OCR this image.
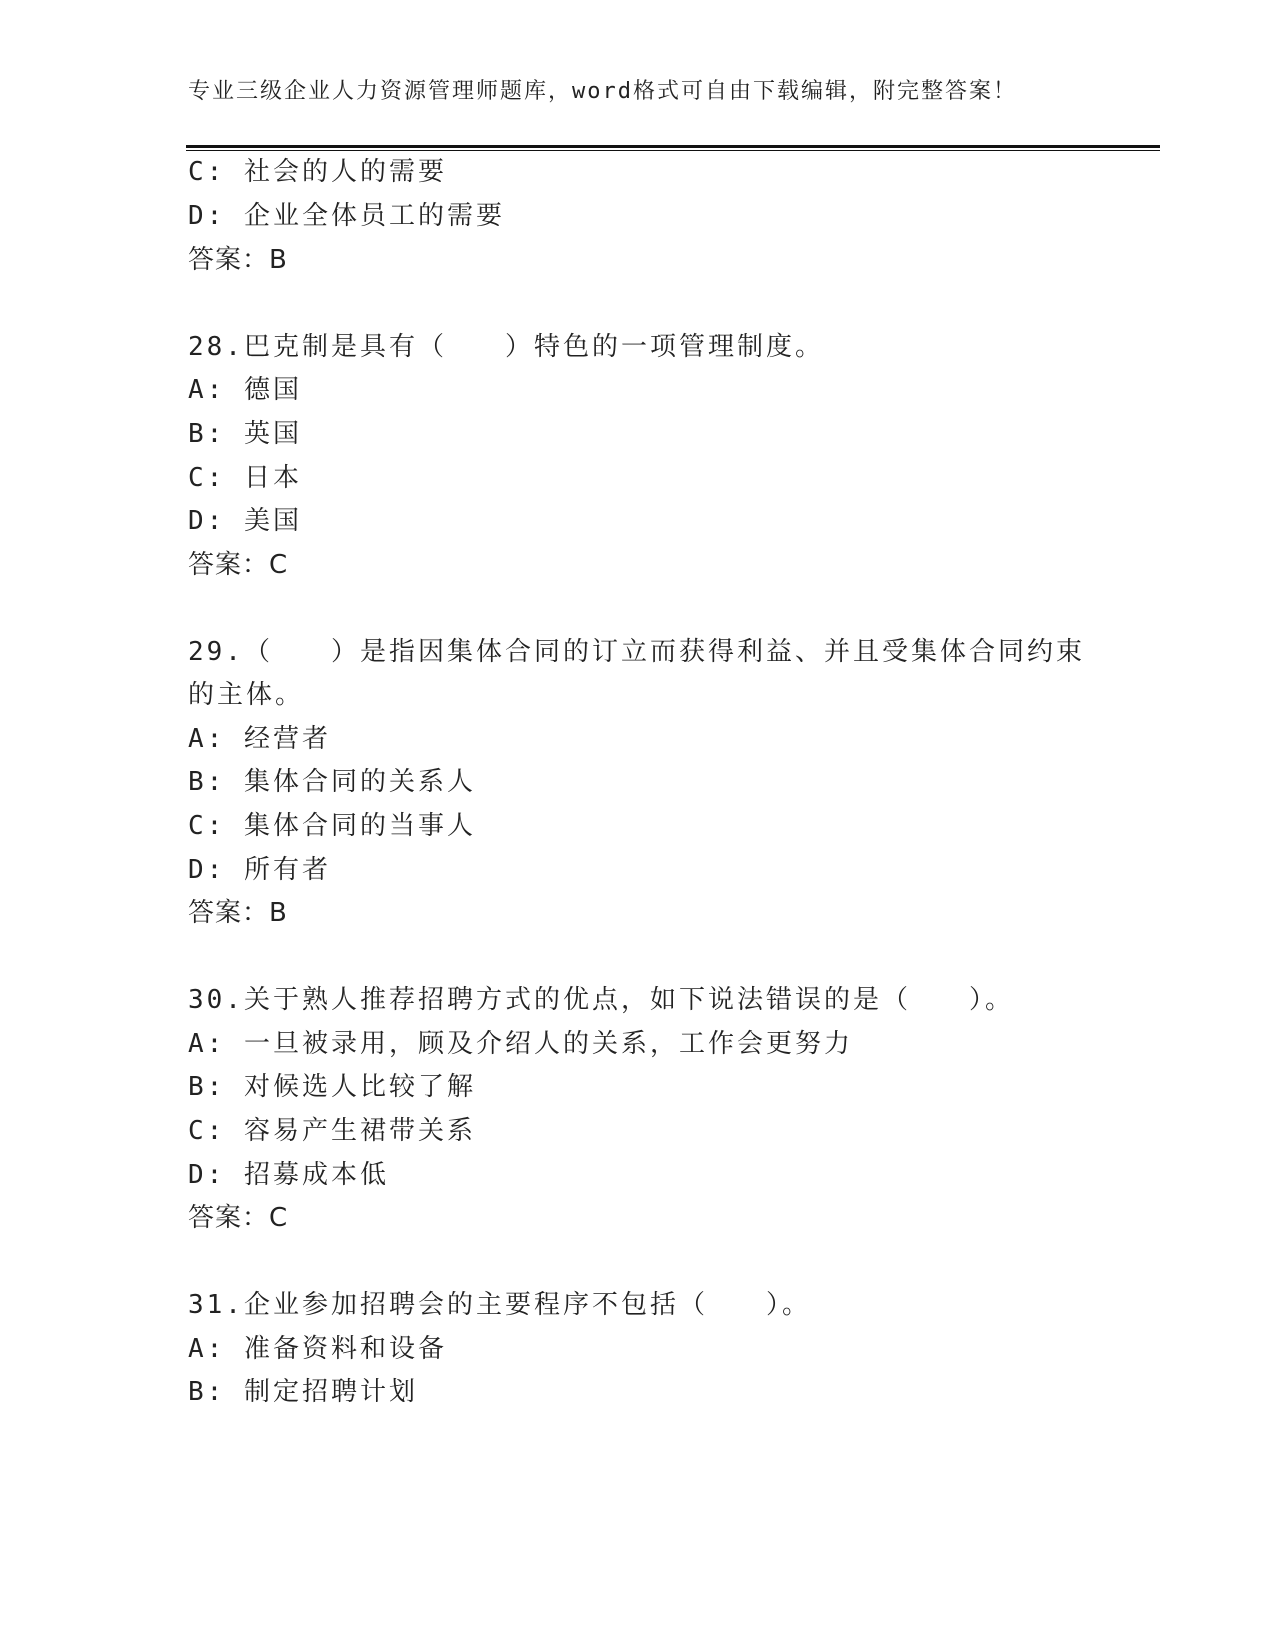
专业三级企业人力资源管理师题库，word格式可自由下载编辑，附完整答案！
C: 社会的人的需要
D: 企业全体员工的需要
答案：B
28.巴克制是具有（　　）特色的一项管理制度。
A: 德国
B: 英国
C: 日本
D: 美国
答案：C
29.（　　）是指因集体合同的订立而获得利益、并且受集体合同约束
的主体。
A: 经营者
B: 集体合同的关系人
C: 集体合同的当事人
D: 所有者
答案：B
30.关于熟人推荐招聘方式的优点，如下说法错误的是（　　）。
A: 一旦被录用，顾及介绍人的关系，工作会更努力
B: 对候选人比较了解
C: 容易产生裙带关系
D: 招募成本低
答案：C
31.企业参加招聘会的主要程序不包括（　　）。
A: 准备资料和设备
B: 制定招聘计划
